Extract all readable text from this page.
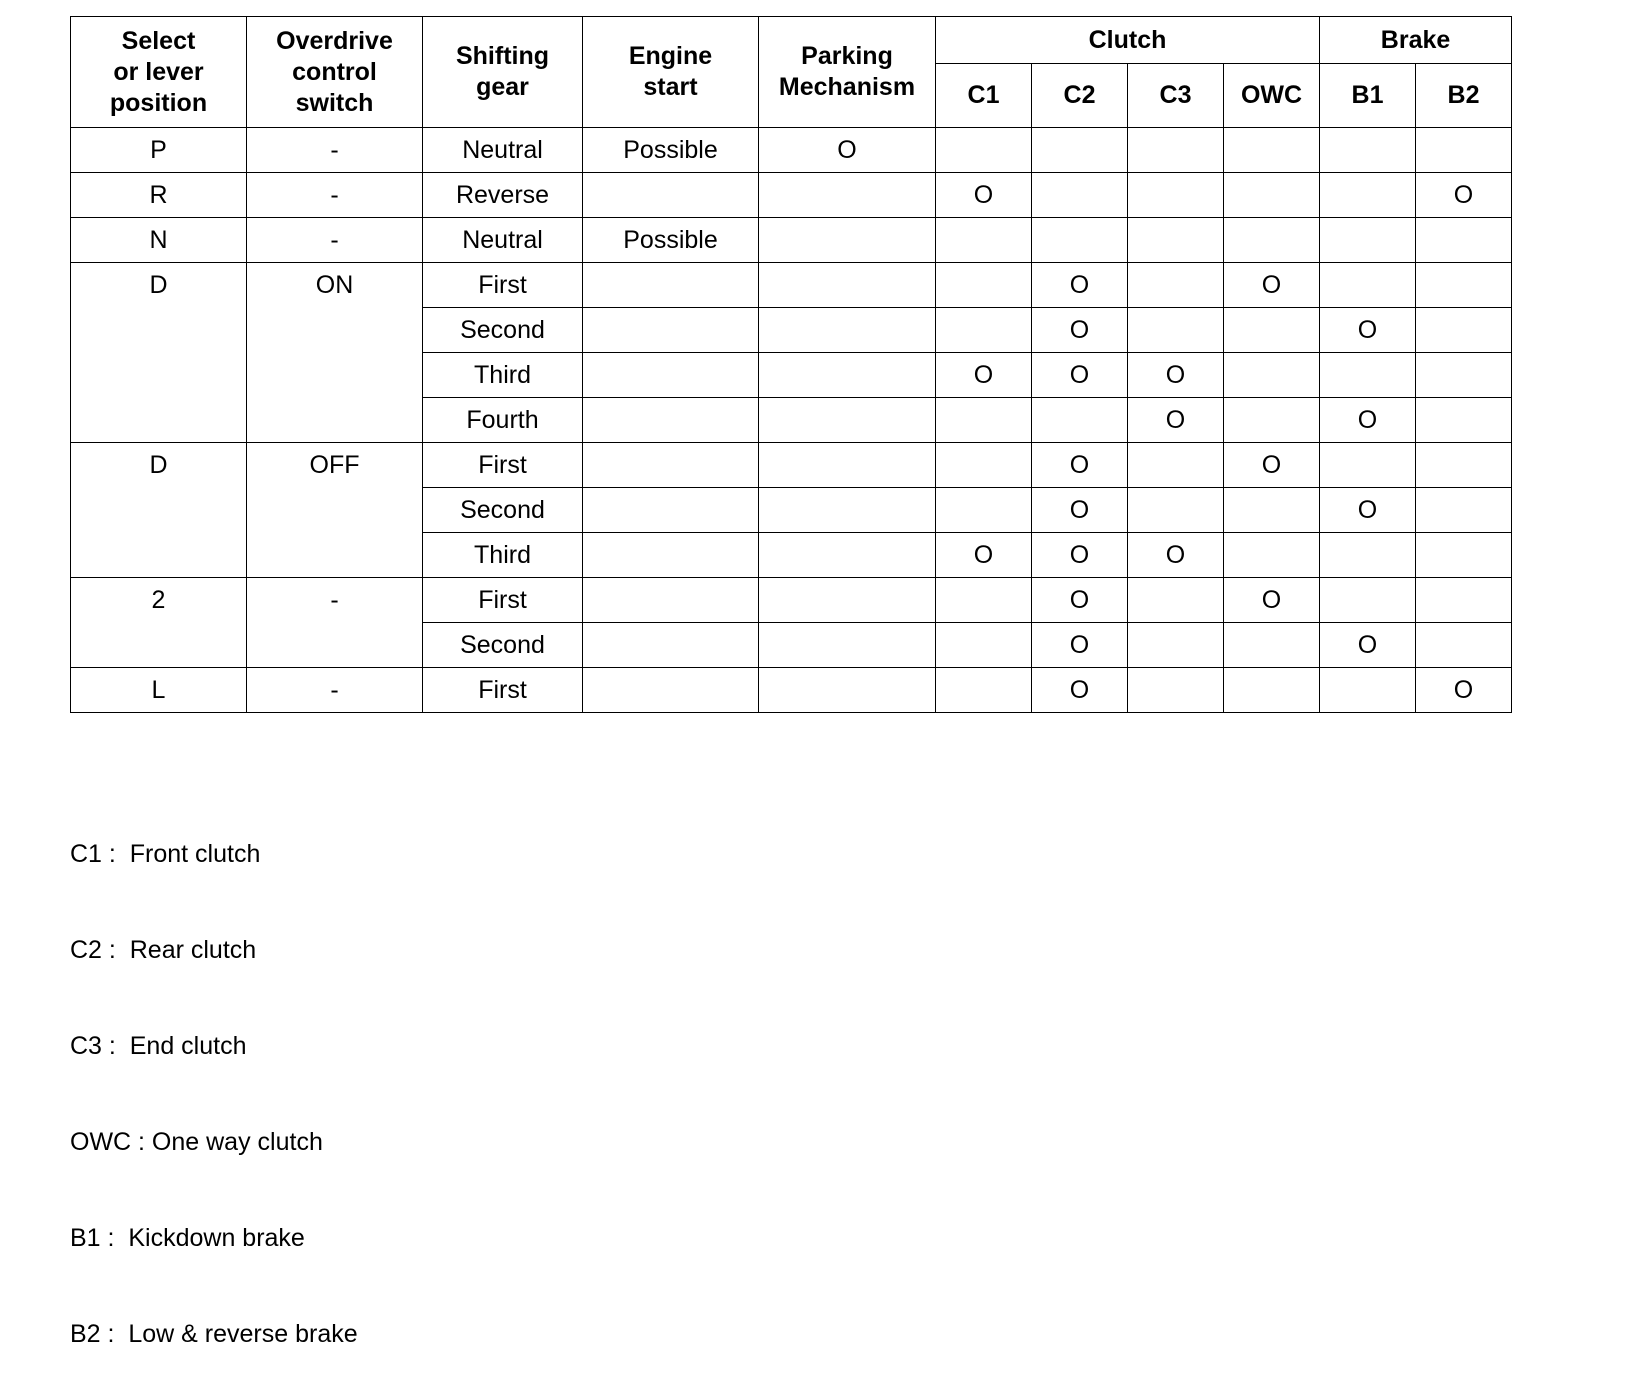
Select
or lever
position	Overdrive
control
switch	Shifting
gear	Engine
start	Parking
Mechanism	Clutch				Brake	
					C1	C2	C3	OWC	B1	B2
P	-	Neutral	Possible	O						
R	-	Reverse			O					O
N	-	Neutral	Possible							
D	ON	First				O		O		
		Second				O			O	
		Third			O	O	O			
		Fourth					O		O	
D	OFF	First				O		O		
		Second				O			O	
		Third			O	O	O			
2	-	First				O		O		
		Second				O			O	
L	-	First				O				O

C1 :  Front clutch

C2 :  Rear clutch

C3 :  End clutch

OWC : One way clutch

B1 :  Kickdown brake

B2 :  Low & reverse brake
